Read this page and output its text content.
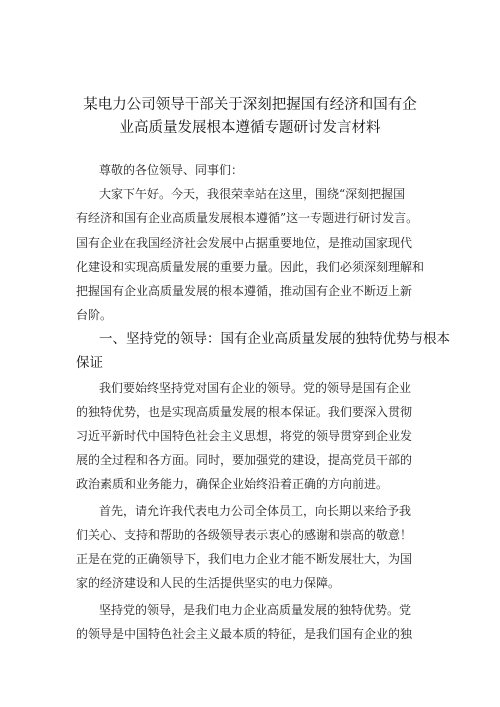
某电力公司领导干部关于深刻把握国有经济和国有企
业高质量发展根本遵循专题研讨发言材料
尊敬的各位领导、同事们：
大家下午好。今天，我很荣幸站在这里，围绕“深刻把握国
有经济和国有企业高质量发展根本遵循”这一专题进行研讨发言。
国有企业在我国经济社会发展中占据重要地位，是推动国家现代
化建设和实现高质量发展的重要力量。因此，我们必须深刻理解和
把握国有企业高质量发展的根本遵循，推动国有企业不断迈上新
台阶。
一、坚持党的领导：国有企业高质量发展的独特优势与根本
保证
我们要始终坚持党对国有企业的领导。党的领导是国有企业
的独特优势，也是实现高质量发展的根本保证。我们要深入贯彻
习近平新时代中国特色社会主义思想，将党的领导贯穿到企业发
展的全过程和各方面。同时，要加强党的建设，提高党员干部的
政治素质和业务能力，确保企业始终沿着正确的方向前进。
首先，请允许我代表电力公司全体员工，向长期以来给予我
们关心、支持和帮助的各级领导表示衷心的感谢和崇高的敬意！
正是在党的正确领导下，我们电力企业才能不断发展壮大，为国
家的经济建设和人民的生活提供坚实的电力保障。
坚持党的领导，是我们电力企业高质量发展的独特优势。党
的领导是中国特色社会主义最本质的特征，是我们国有企业的独
